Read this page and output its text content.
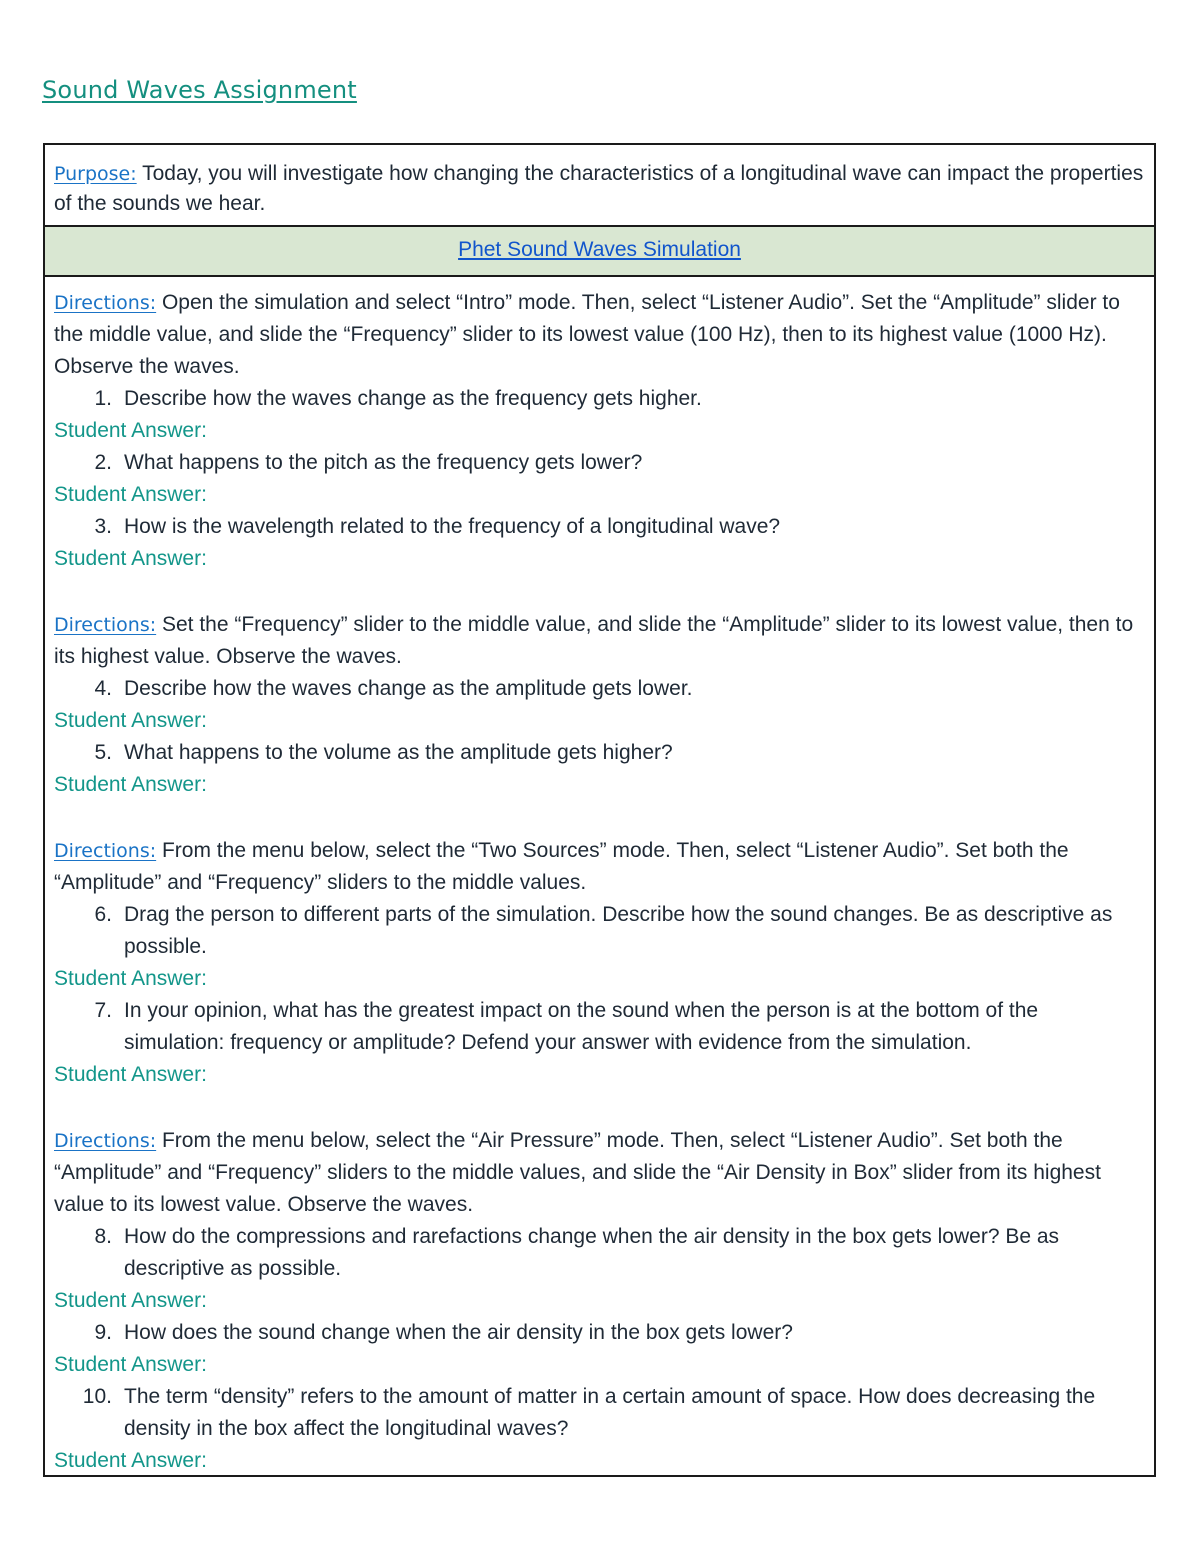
Sound Waves Assignment
Purpose: Today, you will investigate how changing the characteristics of a longitudinal wave can impact the properties of the sounds we hear.
Phet Sound Waves Simulation

Directions: Open the simulation and select “Intro” mode. Then, select “Listener Audio”. Set the “Amplitude” slider to the middle value, and slide the “Frequency” slider to its lowest value (100 Hz), then to its highest value (1000 Hz). Observe the waves.

1. Describe how the waves change as the frequency gets higher.

Student Answer:

2. What happens to the pitch as the frequency gets lower?

Student Answer:

3. How is the wavelength related to the frequency of a longitudinal wave?

Student Answer:

Directions: Set the “Frequency” slider to the middle value, and slide the “Amplitude” slider to its lowest value, then to its highest value. Observe the waves.

4. Describe how the waves change as the amplitude gets lower.

Student Answer:

5. What happens to the volume as the amplitude gets higher?

Student Answer:

Directions: From the menu below, select the “Two Sources” mode. Then, select “Listener Audio”. Set both the “Amplitude” and “Frequency” sliders to the middle values.

6. Drag the person to different parts of the simulation. Describe how the sound changes. Be as descriptive as possible.

Student Answer:

7. In your opinion, what has the greatest impact on the sound when the person is at the bottom of the simulation: frequency or amplitude? Defend your answer with evidence from the simulation.

Student Answer:

Directions: From the menu below, select the “Air Pressure” mode. Then, select “Listener Audio”. Set both the “Amplitude” and “Frequency” sliders to the middle values, and slide the “Air Density in Box” slider from its highest value to its lowest value. Observe the waves.

8. How do the compressions and rarefactions change when the air density in the box gets lower? Be as descriptive as possible.

Student Answer:

9. How does the sound change when the air density in the box gets lower?

Student Answer:

10. The term “density” refers to the amount of matter in a certain amount of space. How does decreasing the density in the box affect the longitudinal waves?

Student Answer:
